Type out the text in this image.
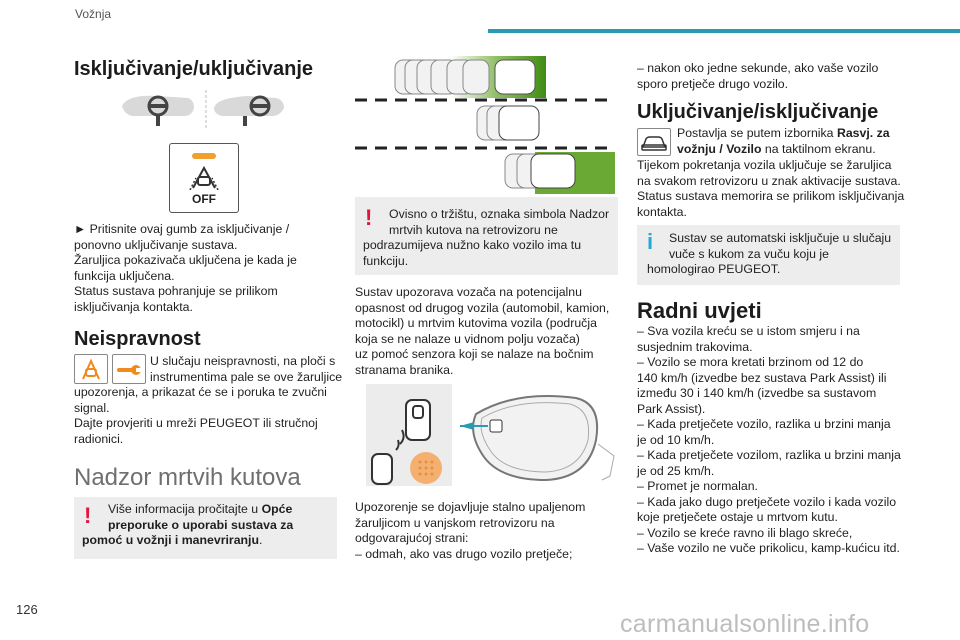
Vožnja
Isključivanje/uključivanje
OFF
► Pritisnite ovaj gumb za isključivanje /
ponovno uključivanje sustava.
Žaruljica pokazivača uključena je kada je
funkcija uključena.
Status sustava pohranjuje se prilikom
isključivanja kontakta.
Neispravnost
U slučaju neispravnosti, na ploči s
instrumentima pale se ove žaruljice
upozorenja, a prikazat će se i poruka te zvučni
signal.
Dajte provjeriti u mreži PEUGEOT ili stručnoj
radionici.
Nadzor mrtvih kutova
!	Više informacija pročitajte u Opće
preporuke o uporabi sustava za
pomoć u vožnji i manevriranju.
!	Ovisno o tržištu, oznaka simbola Nadzor
mrtvih kutova na retrovizoru ne
podrazumijeva nužno kako vozilo ima tu
funkciju.
Sustav upozorava vozača na potencijalnu
opasnost od drugog vozila (automobil, kamion,
motocikl) u mrtvim kutovima vozila (područja
koja se ne nalaze u vidnom polju vozača)
uz pomoć senzora koji se nalaze na bočnim
stranama branika.
Upozorenje se dojavljuje stalno upaljenom
žaruljicom u vanjskom retrovizoru na
odgovarajućoj strani:
– odmah, ako vas drugo vozilo pretječe;
– nakon oko jedne sekunde, ako vaše vozilo
sporo pretječe drugo vozilo.
Uključivanje/isključivanje
Postavlja se putem izbornika Rasvj. za
vožnju / Vozilo na taktilnom ekranu.
Tijekom pokretanja vozila uključuje se žaruljica
na svakom retrovizoru u znak aktivacije sustava.
Status sustava memorira se prilikom isključivanja
kontakta.
i	Sustav se automatski isključuje u slučaju
vuče s kukom za vuču koju je
homologirao PEUGEOT.
Radni uvjeti
– Sva vozila kreću se u istom smjeru i na
susjednim trakovima.
– Vozilo se mora kretati brzinom od 12 do
140 km/h (izvedbe bez sustava Park Assist) ili
između 30 i 140 km/h (izvedbe sa sustavom
Park Assist).
– Kada pretječete vozilo, razlika u brzini manja
je od 10 km/h.
– Kada pretječete vozilom, razlika u brzini manja
je od 25 km/h.
– Promet je normalan.
– Kada jako dugo pretječete vozilo i kada vozilo
koje pretječete ostaje u mrtvom kutu.
– Vozilo se kreće ravno ili blago skreće,
– Vaše vozilo ne vuče prikolicu, kamp-kućicu itd.
126
carmanualsonline.info
